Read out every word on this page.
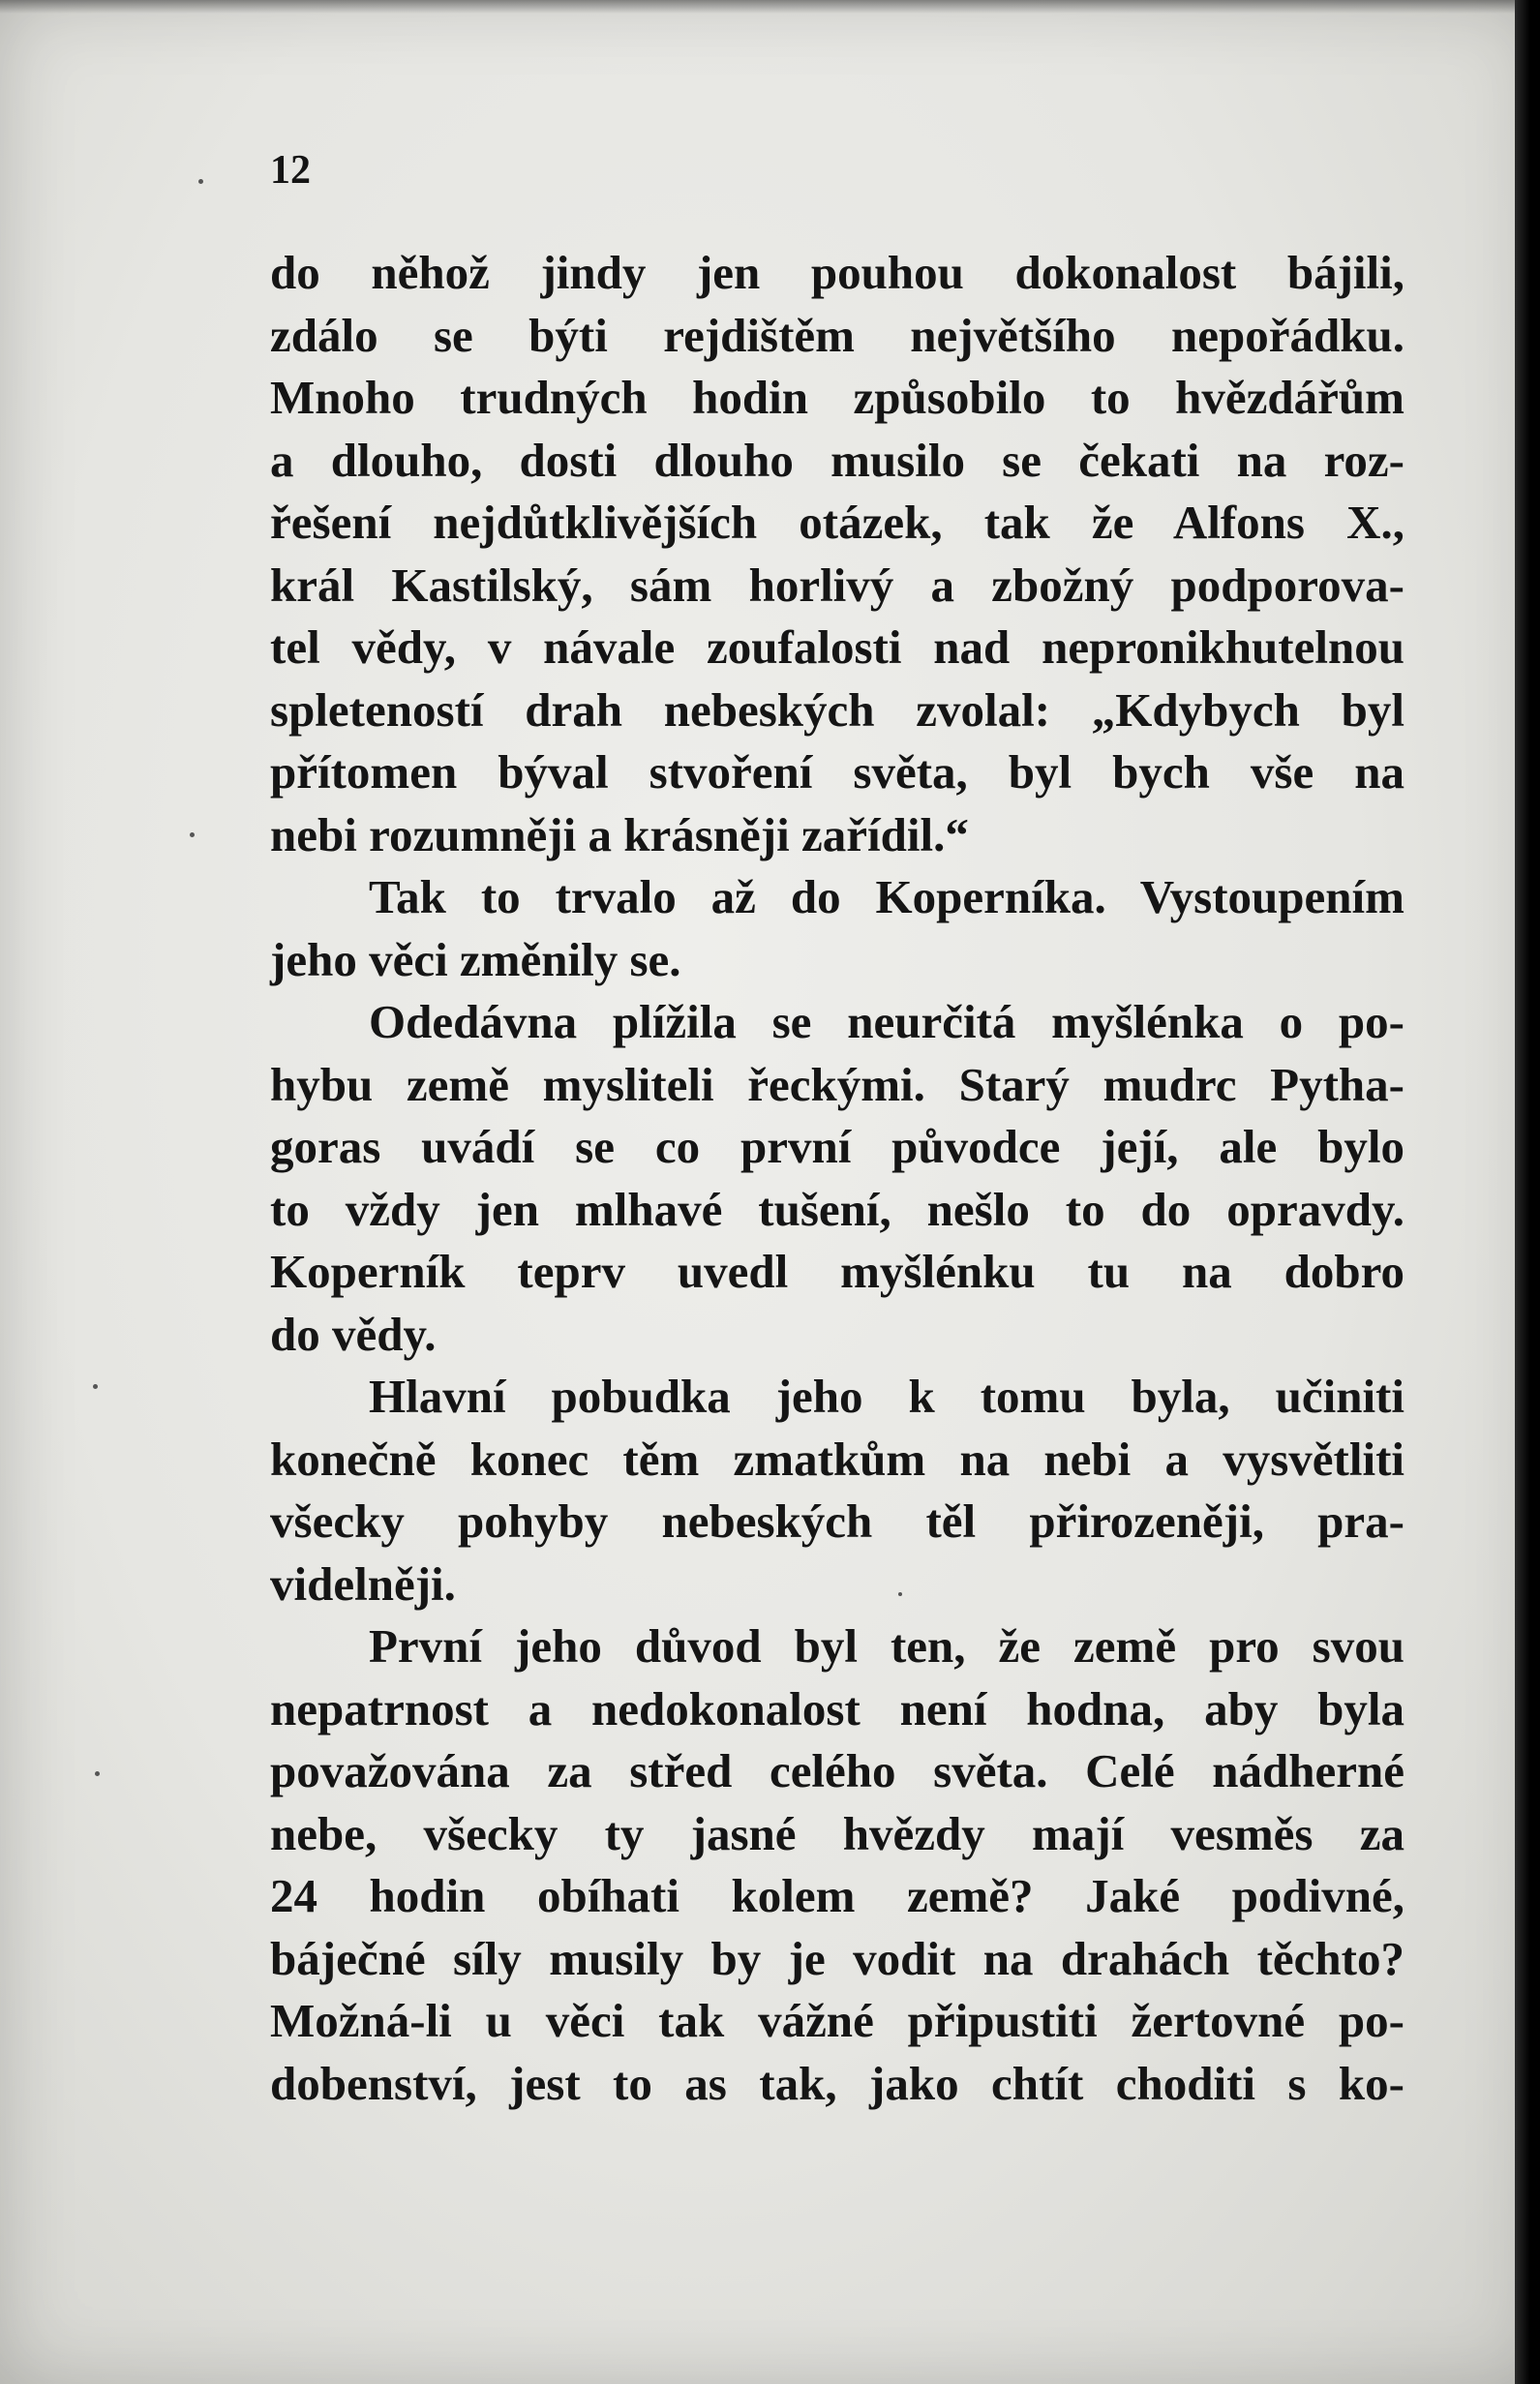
12
do něhož jindy jen pouhou dokonalost bájili,
zdálo se býti rejdištěm největšího nepořádku.
Mnoho trudných hodin způsobilo to hvězdářům
a dlouho, dosti dlouho musilo se čekati na roz-
řešení nejdůtklivějších otázek, tak že Alfons X.,
král Kastilský, sám horlivý a zbožný podporova-
tel vědy, v návale zoufalosti nad nepronikhutelnou
spleteností drah nebeských zvolal: „Kdybych byl
přítomen býval stvoření světa, byl bych vše na
nebi rozumněji a krásněji zařídil.“
Tak to trvalo až do Koperníka. Vystoupením
jeho věci změnily se.
Odedávna plížila se neurčitá myšlénka o po-
hybu země mysliteli řeckými. Starý mudrc Pytha-
goras uvádí se co první původce její, ale bylo
to vždy jen mlhavé tušení, nešlo to do opravdy.
Koperník teprv uvedl myšlénku tu na dobro
do vědy.
Hlavní pobudka jeho k tomu byla, učiniti
konečně konec těm zmatkům na nebi a vysvětliti
všecky pohyby nebeských těl přirozeněji, pra-
videlněji.
První jeho důvod byl ten, že země pro svou
nepatrnost a nedokonalost není hodna, aby byla
považována za střed celého světa. Celé nádherné
nebe, všecky ty jasné hvězdy mají vesměs za
24 hodin obíhati kolem země? Jaké podivné,
báječné síly musily by je vodit na drahách těchto?
Možná-li u věci tak vážné připustiti žertovné po-
dobenství, jest to as tak, jako chtít choditi s ko-
